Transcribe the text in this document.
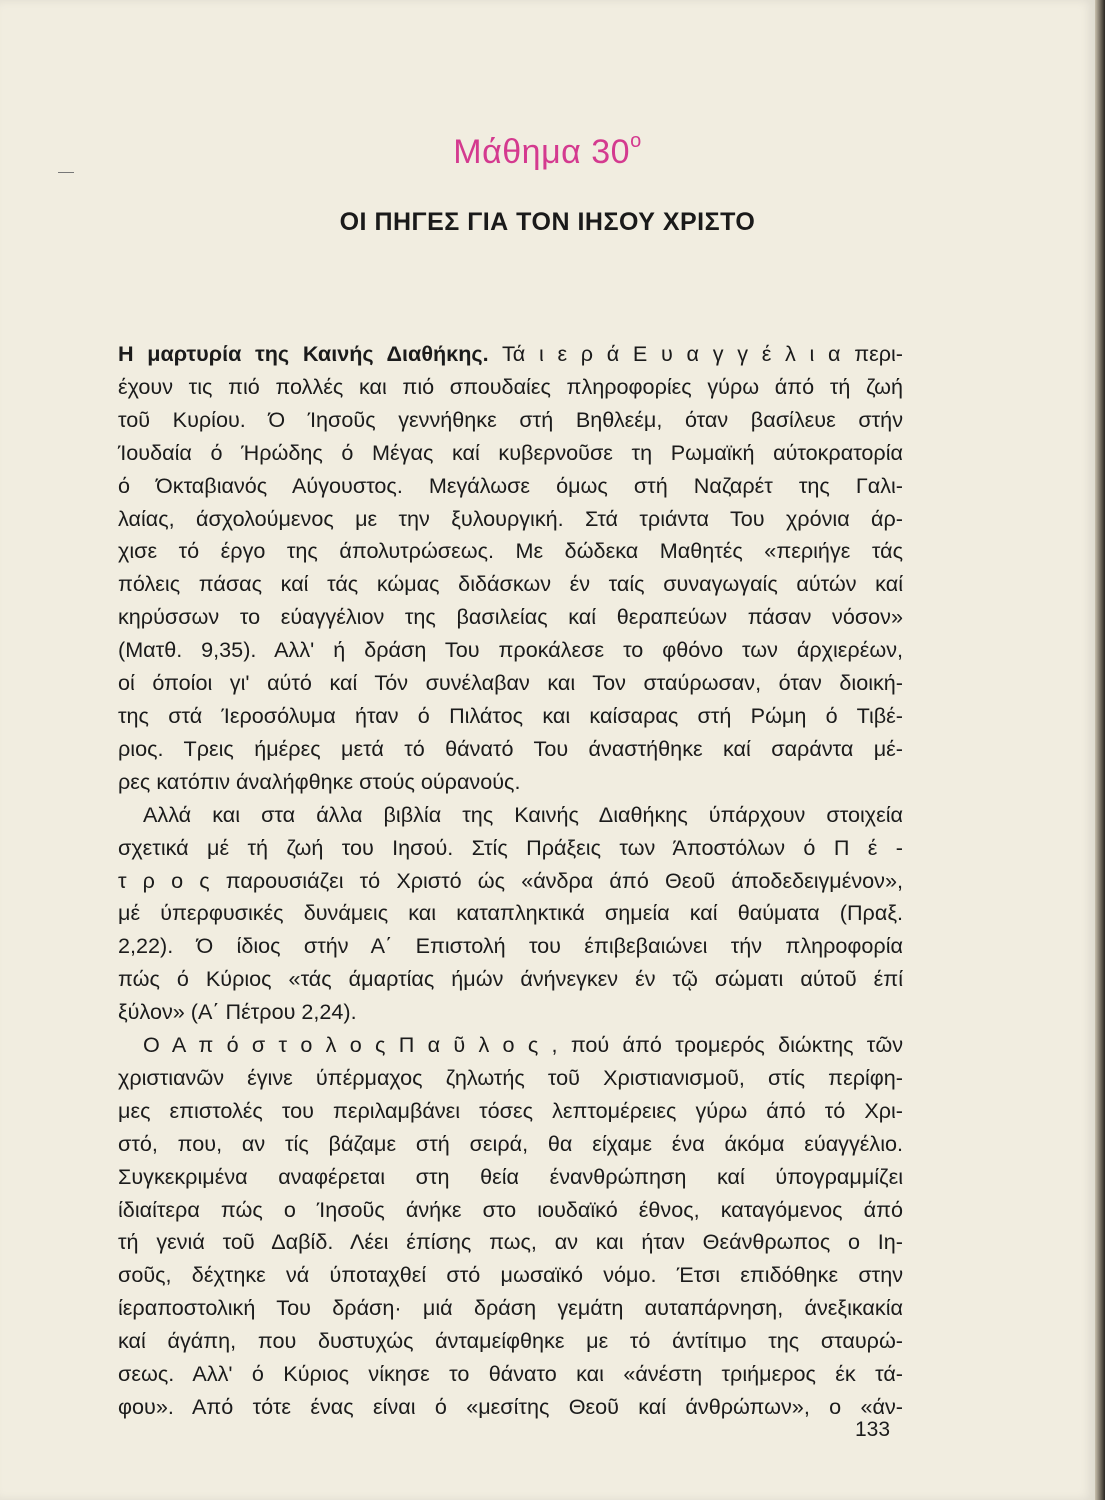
Μάθημα $30^o$
ΟΙ ΠΗΓΕΣ ΓΙΑ ΤΟΝ ΙΗΣΟΥ ΧΡΙΣΤΟ
Η μαρτυρία της Καινής Διαθήκης. Τά ι ε ρ ά Ε υ α γ γ έ λ ι α περι-
έχουν τις πιό πολλές και πιό σπουδαίες πληροφορίες γύρω άπό τή ζωή
τοῦ Κυρίου. Ό Ίησοῦς γεννήθηκε στή Βηθλεέμ, όταν βασίλευε στήν
Ίουδαία ό Ήρώδης ό Μέγας καί κυβερνοῦσε τη Ρωμαϊκή αύτοκρατορία
ό Όκταβιανός Αύγουστος. Μεγάλωσε όμως στή Ναζαρέτ της Γαλι-
λαίας, άσχολούμενος με την ξυλουργική. Στά τριάντα Του χρόνια άρ-
χισε τό έργο της άπολυτρώσεως. Με δώδεκα Μαθητές «περιήγε τάς
πόλεις πάσας καί τάς κώμας διδάσκων έν ταίς συναγωγαίς αύτών καί
κηρύσσων το εύαγγέλιον της βασιλείας καί θεραπεύων πάσαν νόσον»
(Ματθ. 9,35). Αλλ' ή δράση Του προκάλεσε το φθόνο των άρχιερέων,
οί όποίοι γι' αύτό καί Τόν συνέλαβαν και Τον σταύρωσαν, όταν διοική-
της στά Ίεροσόλυμα ήταν ό Πιλάτος και καίσαρας στή Ρώμη ό Τιβέ-
ριος. Τρεις ήμέρες μετά τό θάνατό Του άναστήθηκε καί σαράντα μέ-
ρες κατόπιν άναλήφθηκε στούς ούρανούς.
Αλλά και στα άλλα βιβλία της Καινής Διαθήκης ύπάρχουν στοιχεία
σχετικά μέ τή ζωή του Ιησού. Στίς Πράξεις των Άποστόλων ό Π έ -
τ ρ ο ς παρουσιάζει τό Χριστό ώς «άνδρα άπό Θεοῦ άποδεδειγμένον»,
μέ ύπερφυσικές δυνάμεις και καταπληκτικά σημεία καί θαύματα (Πραξ.
2,22). Ό ίδιος στήν Α΄ Επιστολή του έπιβεβαιώνει τήν πληροφορία
πώς ό Κύριος «τάς άμαρτίας ήμών άνήνεγκεν έν τῷ σώματι αύτοῦ έπί
ξύλον» (Α΄ Πέτρου 2,24).
Ο Α π ό σ τ ο λ ο ς Π α ῦ λ ο ς , πού άπό τρομερός διώκτης τῶν
χριστιανῶν έγινε ύπέρμαχος ζηλωτής τοῦ Χριστιανισμοῦ, στίς περίφη-
μες επιστολές του περιλαμβάνει τόσες λεπτομέρειες γύρω άπό τό Χρι-
στό, που, αν τίς βάζαμε στή σειρά, θα είχαμε ένα άκόμα εύαγγέλιο.
Συγκεκριμένα αναφέρεται στη θεία ένανθρώπηση καί ύπογραμμίζει
ίδιαίτερα πώς ο Ίησοῦς άνήκε στο ιουδαϊκό έθνος, καταγόμενος άπό
τή γενιά τοῦ Δαβίδ. Λέει έπίσης πως, αν και ήταν Θεάνθρωπος ο Ιη-
σοῦς, δέχτηκε νά ύποταχθεί στό μωσαϊκό νόμο. Έτσι επιδόθηκε στην
ίεραποστολική Του δράση· μιά δράση γεμάτη αυταπάρνηση, άνεξικακία
καί άγάπη, που δυστυχώς άνταμείφθηκε με τό άντίτιμο της σταυρώ-
σεως. Αλλ' ό Κύριος νίκησε το θάνατο και «άνέστη τριήμερος έκ τά-
φου». Από τότε ένας είναι ό «μεσίτης Θεοῦ καί άνθρώπων», ο «άν-
133
